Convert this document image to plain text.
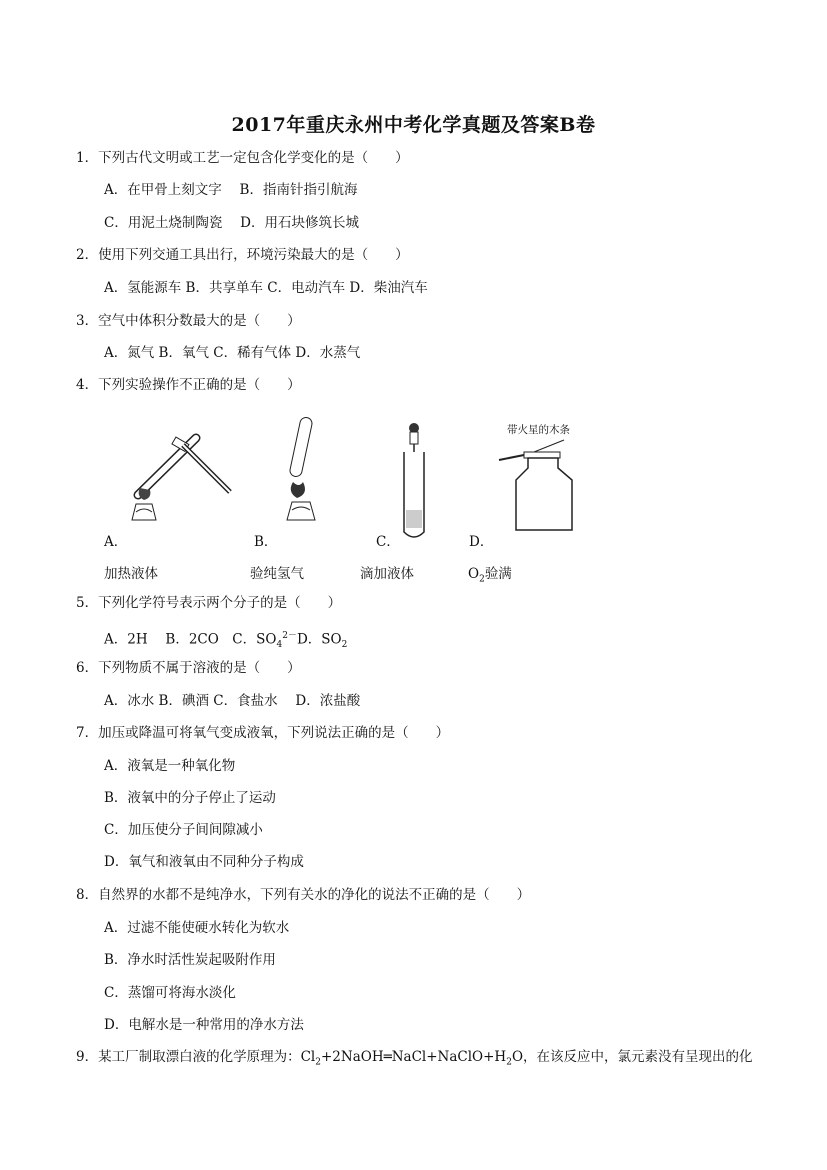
2017年重庆永州中考化学真题及答案B卷
1．下列古代文明或工艺一定包含化学变化的是（　　）
A．在甲骨上刻文字　 B．指南针指引航海
C．用泥土烧制陶瓷　 D．用石块修筑长城
2．使用下列交通工具出行，环境污染最大的是（　　）
A．氢能源车 B．共享单车 C．电动汽车 D．柴油汽车
3．空气中体积分数最大的是（　　）
A．氮气 B．氧气 C．稀有气体 D．水蒸气
4．下列实验操作不正确的是（　　）
A．
加热液体
B．
验纯氢气
C．
滴加液体
带火星的木条
D．
$O_2$验满
5．下列化学符号表示两个分子的是（　　）
A．2H　 B．2CO　C．$SO_4^{2-}D$．$SO_2$
6．下列物质不属于溶液的是（　　）
A．冰水 B．碘酒 C．食盐水　 D．浓盐酸
7．加压或降温可将氧气变成液氧，下列说法正确的是（　　）
A．液氧是一种氧化物
B．液氧中的分子停止了运动
C．加压使分子间间隙减小
D．氧气和液氧由不同种分子构成
8．自然界的水都不是纯净水，下列有关水的净化的说法不正确的是（　　）
A．过滤不能使硬水转化为软水
B．净水时活性炭起吸附作用
C．蒸馏可将海水淡化
D．电解水是一种常用的净水方法
9．某工厂制取漂白液的化学原理为：$Cl_2+2NaOH═NaCl+NaClO+H_2O$，在该反应中，氯元素没有呈现出的化
